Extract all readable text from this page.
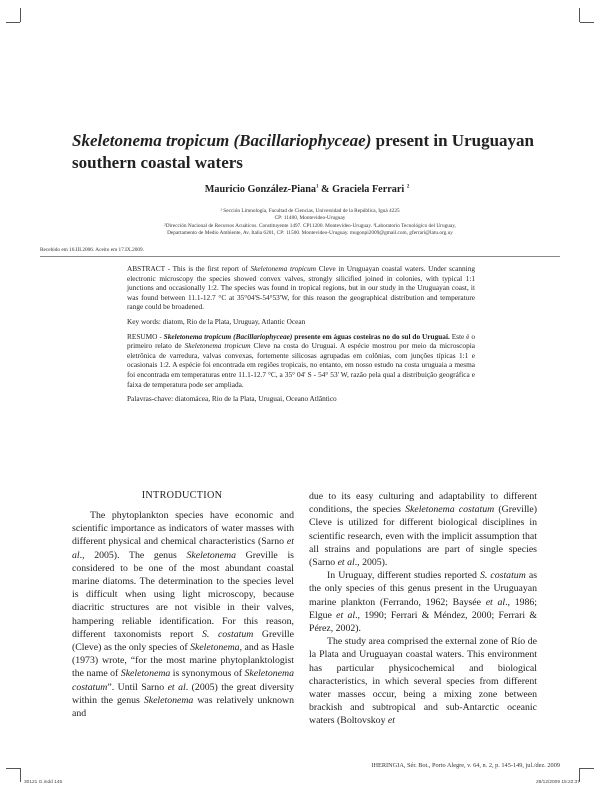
Skeletonema tropicum (Bacillariophyceae) present in Uruguayan southern coastal waters
Mauricio González-Piana$^1$ & Graciela Ferrari $^2$
¹ Sección Limnología, Facultad de Ciencias, Universidad de la República, Iguá 4225
CP: 11400, Montevideo-Uruguay
²Dirección Nacional de Recursos Acuáticos. Constituyente 1497. CP11200. Montevideo-Uruguay. ³Laboratorio Tecnológico del Uruguay,
Departamento de Medio Ambiente, Av. Italia 6201, CP: 11500. Montevideo-Uruguay. mugonpi2009@gmail.com, gferrari@latu.org.uy
Recebido em 16.III.2006. Aceito em 17.IX.2009.

ABSTRACT - This is the first report of Skeletonema tropicum Cleve in Uruguayan coastal waters. Under scanning electronic microscopy the species showed convex valves, strongly silicified joined in colonies, with typical 1:1 junctions and occasionally 1:2. The species was found in tropical regions, but in our study in the Uruguayan coast, it was found between 11.1-12.7 °C at 35°04'S-54°53'W, for this reason the geographical distribution and temperature range could be broadened.

Key words: diatom, Rio de la Plata, Uruguay, Atlantic Ocean

RESUMO - Skeletonema tropicum (Bacillariophyceae) presente em águas costeiras no do sul do Uruguai. Este é o primeiro relato de Skeletonema tropicum Cleve na costa do Uruguai. A espécie mostrou por meio da microscopia eletrônica de varredura, valvas convexas, fortemente silicosas agrupadas em colônias, com junções típicas 1:1 e ocasionais 1:2. A espécie foi encontrada em regiões tropicais, no entanto, em nosso estudo na costa uruguaia a mesma foi encontrada em temperaturas entre 11.1-12.7 °C, a 35° 04' S - 54° 53' W, razão pela qual a distribuição geográfica e faixa de temperatura pode ser ampliada.

Palavras-chave: diatomácea, Rio de la Plata, Uruguai, Oceano Atlântico

INTRODUCTION

The phytoplankton species have economic and scientific importance as indicators of water masses with different physical and chemical characteristics (Sarno et al., 2005). The genus Skeletonema Greville is considered to be one of the most abundant coastal marine diatoms. The determination to the species level is difficult when using light microscopy, because diacritic structures are not visible in their valves, hampering reliable identification. For this reason, different taxonomists report S. costatum Greville (Cleve) as the only species of Skeletonema, and as Hasle (1973) wrote, “for the most marine phytoplanktologist the name of Skeletonema is synonymous of Skeletonema costatum”. Until Sarno et al. (2005) the great diversity within the genus Skeletonema was relatively unknown and

due to its easy culturing and adaptability to different conditions, the species Skeletonema costatum (Greville) Cleve is utilized for different biological disciplines in scientific research, even with the implicit assumption that all strains and populations are part of single species (Sarno et al., 2005).

In Uruguay, different studies reported S. costatum as the only species of this genus present in the Uruguayan marine plankton (Ferrando, 1962; Baysée et al., 1986; Elgue et al., 1990; Ferrari & Méndez, 2000; Ferrari & Pérez, 2002).

The study area comprised the external zone of Río de la Plata and Uruguayan coastal waters. This environment has particular physicochemical and biological characteristics, in which several species from different water masses occur, being a mixing zone between brackish and subtropical and sub-Antarctic oceanic waters (Boltovskoy et

IHERINGIA, Sér. Bot., Porto Alegre, v. 64, n. 2, p. 145-149, jul./dez. 2009
30121 G.indd 145	28/12/2009 15:22:37
